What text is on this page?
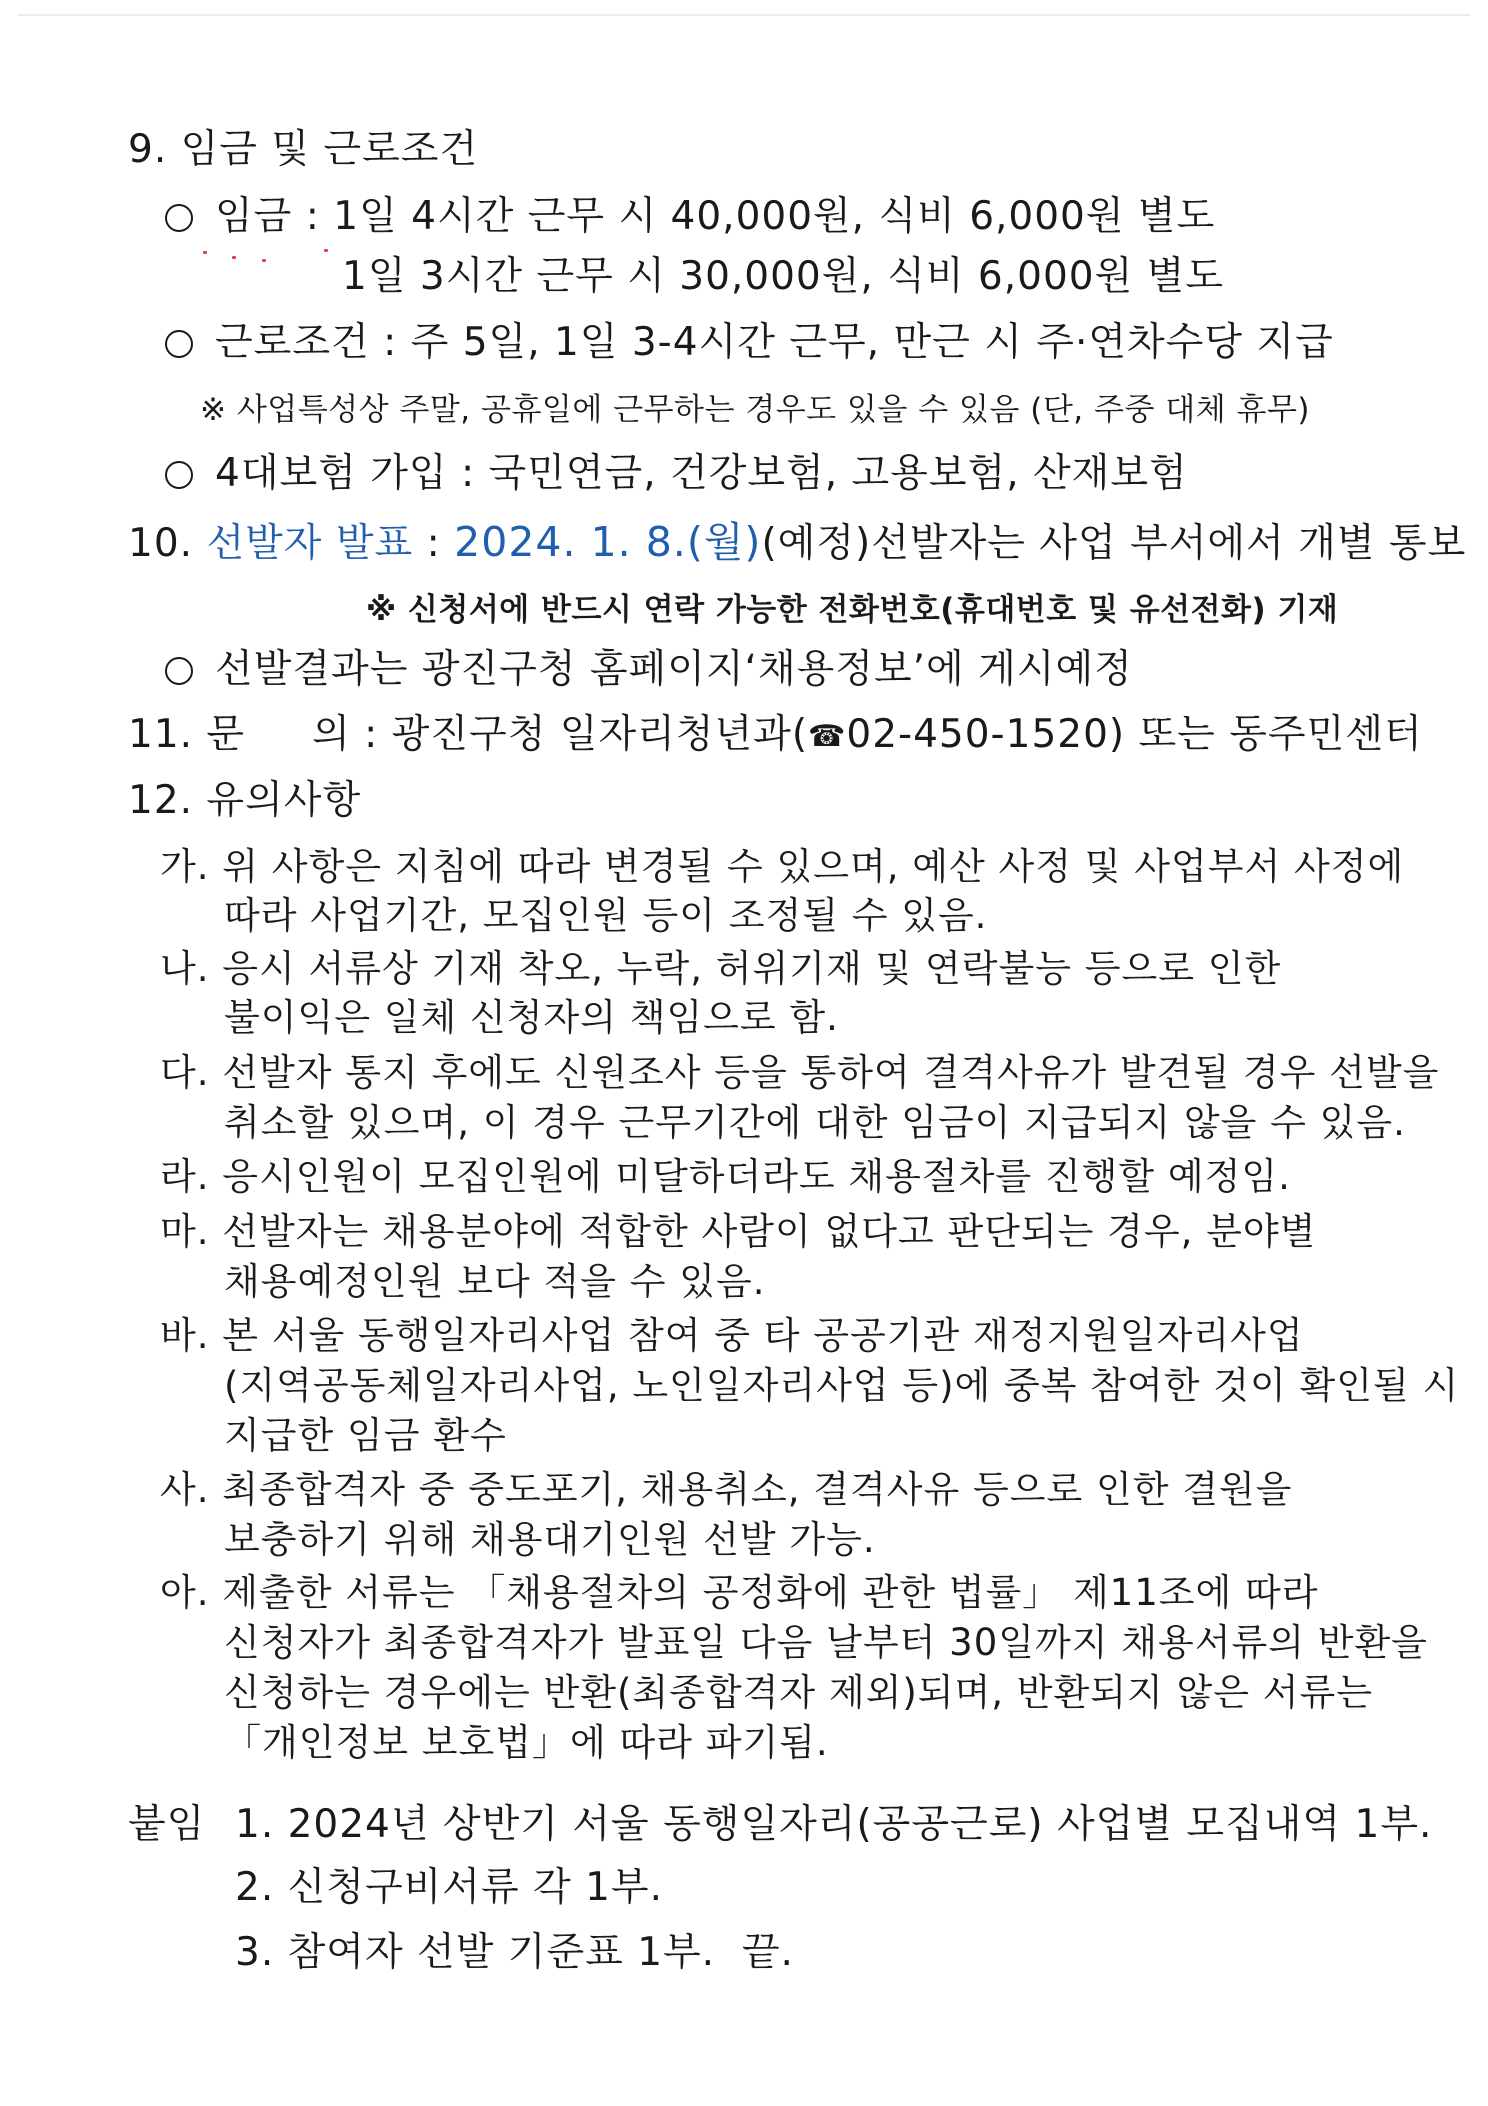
9. 임금 및 근로조건
임금 : 1일 4시간 근무 시 40,000원, 식비 6,000원 별도
1일 3시간 근무 시 30,000원, 식비 6,000원 별도
근로조건 : 주 5일, 1일 3-4시간 근무, 만근 시 주·연차수당 지급
※ 사업특성상 주말, 공휴일에 근무하는 경우도 있을 수 있음 (단, 주중 대체 휴무)
4대보험 가입 : 국민연금, 건강보험, 고용보험, 산재보험
10. 선발자 발표 : 2024. 1. 8.(월)(예정)선발자는 사업 부서에서 개별 통보
※ 신청서에 반드시 연락 가능한 전화번호(휴대번호 및 유선전화) 기재
선발결과는 광진구청 홈페이지‘채용정보’에 게시예정
11. 문     의 : 광진구청 일자리청년과(☎02-450-1520) 또는 동주민센터
12. 유의사항
가. 위 사항은 지침에 따라 변경될 수 있으며, 예산 사정 및 사업부서 사정에
따라 사업기간, 모집인원 등이 조정될 수 있음.
나. 응시 서류상 기재 착오, 누락, 허위기재 및 연락불능 등으로 인한
불이익은 일체 신청자의 책임으로 함.
다. 선발자 통지 후에도 신원조사 등을 통하여 결격사유가 발견될 경우 선발을
취소할 있으며, 이 경우 근무기간에 대한 임금이 지급되지 않을 수 있음.
라. 응시인원이 모집인원에 미달하더라도 채용절차를 진행할 예정임.
마. 선발자는 채용분야에 적합한 사람이 없다고 판단되는 경우, 분야별
채용예정인원 보다 적을 수 있음.
바. 본 서울 동행일자리사업 참여 중 타 공공기관 재정지원일자리사업
(지역공동체일자리사업, 노인일자리사업 등)에 중복 참여한 것이 확인될 시
지급한 임금 환수
사. 최종합격자 중 중도포기, 채용취소, 결격사유 등으로 인한 결원을
보충하기 위해 채용대기인원 선발 가능.
아. 제출한 서류는 「채용절차의 공정화에 관한 법률」 제11조에 따라
신청자가 최종합격자가 발표일 다음 날부터 30일까지 채용서류의 반환을
신청하는 경우에는 반환(최종합격자 제외)되며, 반환되지 않은 서류는
「개인정보 보호법」에 따라 파기됨.
붙임 1. 2024년 상반기 서울 동행일자리(공공근로) 사업별 모집내역 1부.
2. 신청구비서류 각 1부.
3. 참여자 선발 기준표 1부.  끝.
